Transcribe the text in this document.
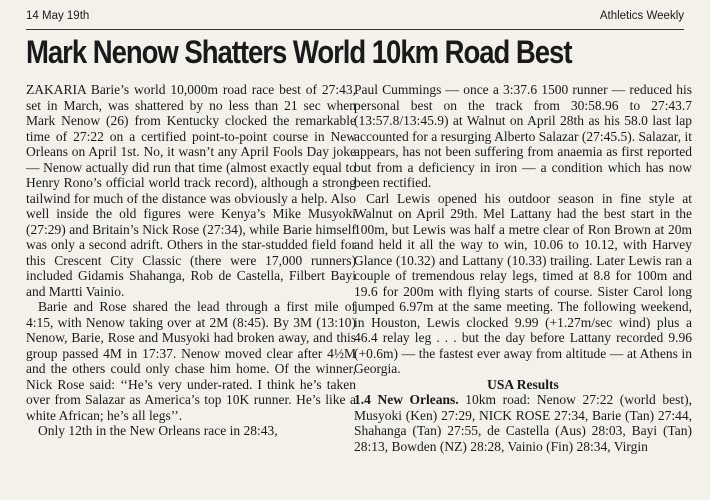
14 May 19th	Athletics Weekly
Mark Nenow Shatters World 10km Road Best

ZAKARIA Barie’s world 10,000m road race best of 27:43, set in March, was shattered by no less than 21 sec when Mark Nenow (26) from Kentucky clocked the remarkable time of 27:22 on a certified point-to-point course in New Orleans on April 1st. No, it wasn’t any April Fools Day joke — Nenow actually did run that time (almost exactly equal to Henry Rono’s official world track record), although a strong tailwind for much of the distance was obviously a help. Also well inside the old figures were Kenya’s Mike Musyoki (27:29) and Britain’s Nick Rose (27:34), while Barie himself was only a second adrift. Others in the star-studded field for this Crescent City Classic (there were 17,000 runners) included Gidamis Shahanga, Rob de Castella, Filbert Bayi and Martti Vainio.

Barie and Rose shared the lead through a first mile of 4:15, with Nenow taking over at 2M (8:45). By 3M (13:10) Nenow, Barie, Rose and Musyoki had broken away, and this group passed 4M in 17:37. Nenow moved clear after 4½M and the others could only chase him home. Of the winner, Nick Rose said: ‘‘He’s very under-rated. I think he’s taken over from Salazar as America’s top 10K runner. He’s like a white African; he’s all legs’’.

Only 12th in the New Orleans race in 28:43,

Paul Cummings — once a 3:37.6 1500 runner — reduced his personal best on the track from 30:58.96 to 27:43.7 (13:57.8/13:45.9) at Walnut on April 28th as his 58.0 last lap accounted for a resurging Alberto Salazar (27:45.5). Salazar, it appears, has not been suffering from anaemia as first reported but from a deficiency in iron — a condition which has now been rectified.

Carl Lewis opened his outdoor season in fine style at Walnut on April 29th. Mel Lattany had the best start in the 100m, but Lewis was half a metre clear of Ron Brown at 20m and held it all the way to win, 10.06 to 10.12, with Harvey Glance (10.32) and Lattany (10.33) trailing. Later Lewis ran a couple of tremendous relay legs, timed at 8.8 for 100m and 19.6 for 200m with flying starts of course. Sister Carol long jumped 6.97m at the same meeting. The following weekend, in Houston, Lewis clocked 9.99 (+1.27m/sec wind) plus a 46.4 relay leg . . . but the day before Lattany recorded 9.96 (+0.6m) — the fastest ever away from altitude — at Athens in Georgia.

USA Results

1.4 New Orleans. 10km road: Nenow 27:22 (world best), Musyoki (Ken) 27:29, NICK ROSE 27:34, Barie (Tan) 27:44, Shahanga (Tan) 27:55, de Castella (Aus) 28:03, Bayi (Tan) 28:13, Bowden (NZ) 28:28, Vainio (Fin) 28:34, Virgin
